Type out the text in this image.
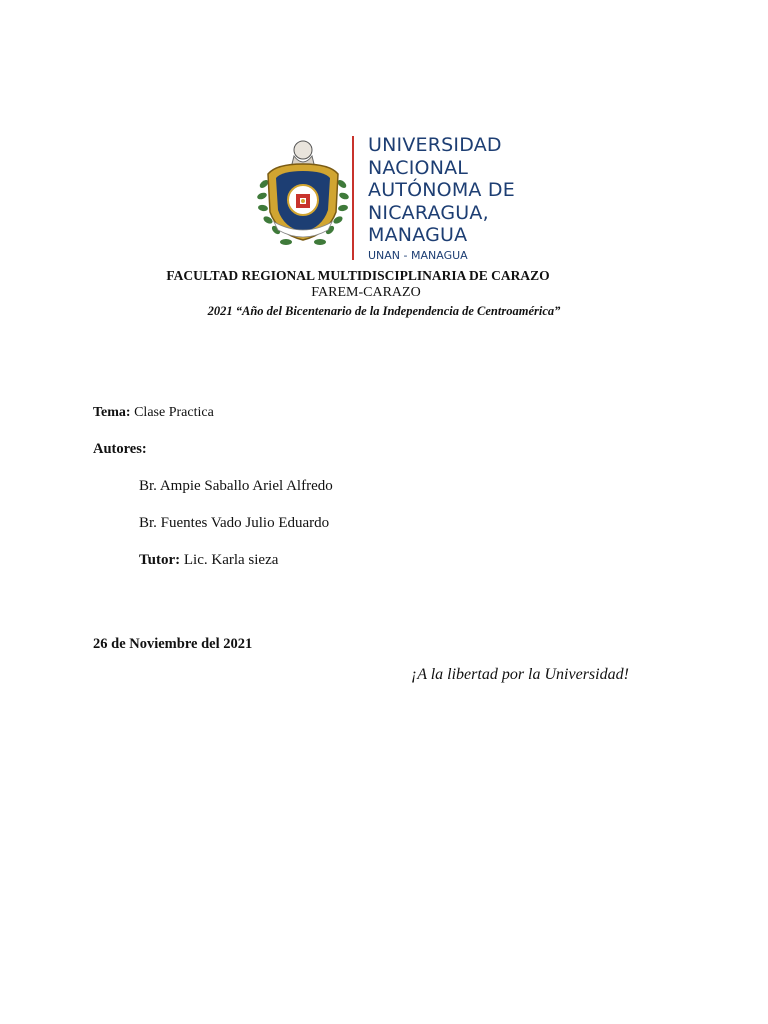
UNIVERSIDAD
NACIONAL
AUTÓNOMA DE
NICARAGUA,
MANAGUA
UNAN - MANAGUA
FACULTAD REGIONAL MULTIDISCIPLINARIA DE CARAZO
FAREM-CARAZO
2021 “Año del Bicentenario de la Independencia de Centroamérica”
Tema: Clase Practica
Autores:
Br. Ampie Saballo Ariel Alfredo
Br. Fuentes Vado Julio Eduardo
Tutor: Lic. Karla sieza
26 de Noviembre del 2021
¡A la libertad por la Universidad!
